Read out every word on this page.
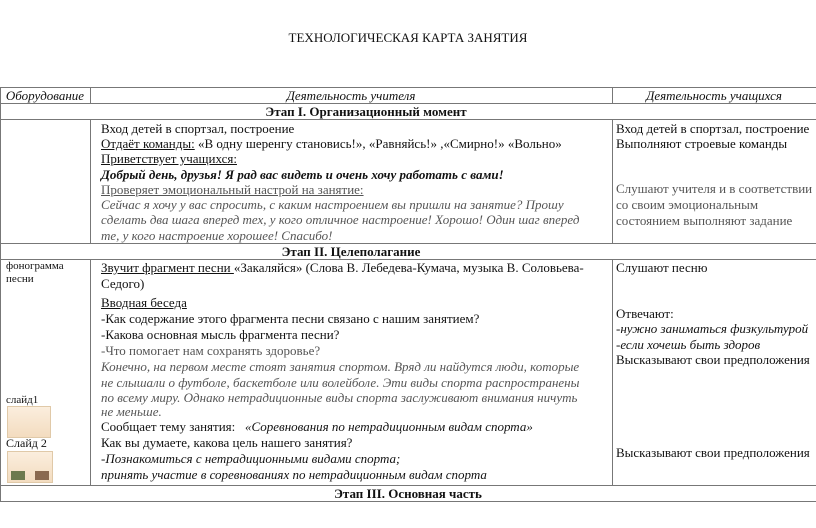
ТЕХНОЛОГИЧЕСКАЯ КАРТА ЗАНЯТИЯ
Оборудование	Деятельность учителя	Деятельность учащихся
Этап I. Организационный момент
Этап II. Целеполагание
Этап III. Основная часть
Вход детей в спортзал, построение
Отдаёт команды: «В одну шеренгу становись!», «Равняйсь!» ,«Смирно!» «Вольно»
Приветствует учащихся:
Добрый день, друзья! Я рад вас видеть и очень хочу работать с вами!
Проверяет эмоциональный настрой на занятие:
Сейчас я хочу у вас спросить, с каким настроением вы пришли на занятие? Прошу
сделать два шага вперед тех, у кого отличное настроение! Хорошо! Один шаг вперед
те, у кого настроение хорошее! Спасибо!
Вход детей в спортзал, построение
Выполняют строевые команды
Слушают учителя и в соответствии
со своим эмоциональным
состоянием выполняют задание
фонограмма
песни
слайд1
Слайд 2
Звучит фрагмент песни «Закаляйся» (Слова В. Лебедева-Кумача, музыка В. Соловьева-
Седого)
Вводная беседа
-Как содержание этого фрагмента песни связано с нашим занятием?
-Какова основная мысль фрагмента песни?
-Что помогает нам сохранять здоровье?
Конечно, на первом месте стоят занятия спортом. Вряд ли найдутся люди, которые
не слышали о футболе, баскетболе или волейболе. Эти виды спорта распространены
по всему миру. Однако нетрадиционные виды спорта заслуживают внимания ничуть
не меньше.
Сообщает тему занятия: «Соревнования по нетрадиционным видам спорта»
Как вы думаете, какова цель нашего занятия?
-Познакомиться с нетрадиционными видами спорта;
принять участие в соревнованиях по нетрадиционным видам спорта
Слушают песню
Отвечают:
-нужно заниматься физкультурой
-если хочешь быть здоров
Высказывают свои предположения
Высказывают свои предположения
